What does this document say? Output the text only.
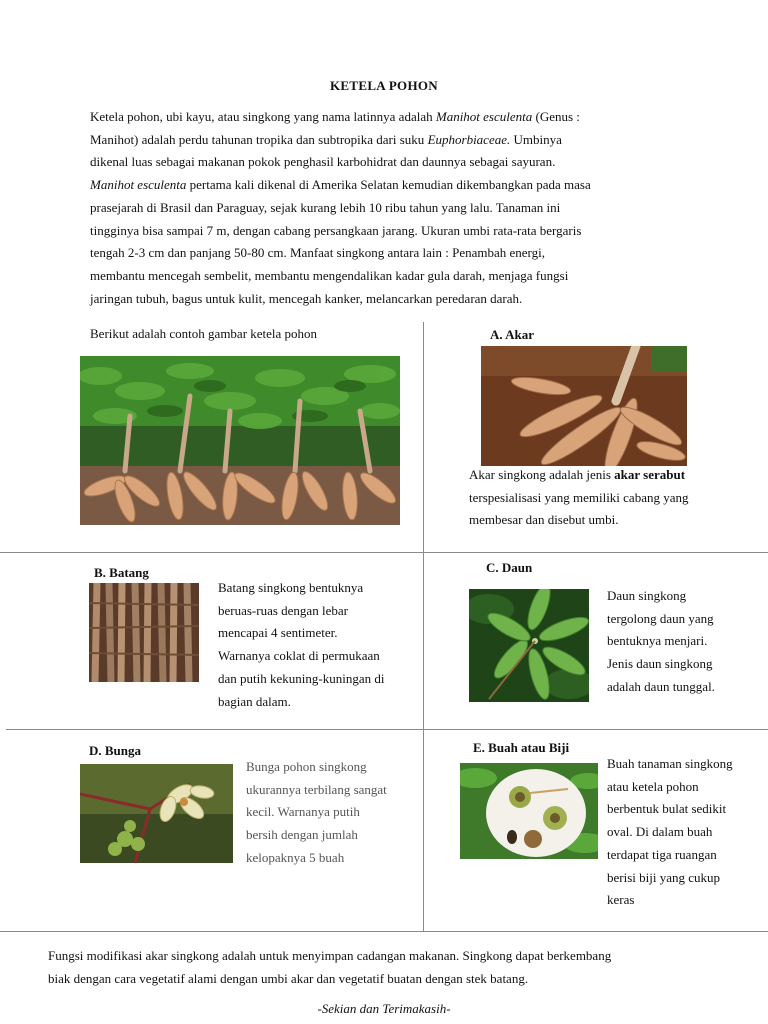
KETELA POHON
Ketela pohon, ubi kayu, atau singkong yang nama latinnya adalah Manihot esculenta (Genus :
Manihot) adalah perdu tahunan tropika dan subtropika dari suku Euphorbiaceae. Umbinya
dikenal luas sebagai makanan pokok penghasil karbohidrat dan daunnya sebagai sayuran.
Manihot esculenta pertama kali dikenal di Amerika Selatan kemudian dikembangkan pada masa
prasejarah di Brasil dan Paraguay, sejak kurang lebih 10 ribu tahun yang lalu. Tanaman ini
tingginya bisa sampai 7 m, dengan cabang persangkaan jarang. Ukuran umbi rata-rata bergaris
tengah 2-3 cm dan panjang 50-80 cm. Manfaat singkong antara lain : Penambah energi,
membantu mencegah sembelit, membantu mengendalikan kadar gula darah, menjaga fungsi
jaringan tubuh, bagus untuk kulit, mencegah kanker, melancarkan peredaran darah.
Berikut adalah contoh gambar ketela pohon	A. Akar
Akar singkong adalah jenis akar serabut
terspesialisasi yang memiliki cabang yang
membesar dan disebut umbi.
B. Batang
Batang singkong bentuknya
beruas-ruas dengan lebar
mencapai 4 sentimeter.
Warnanya coklat di permukaan
dan putih kekuning-kuningan di
bagian dalam.
C. Daun
Daun singkong
tergolong daun yang
bentuknya menjari.
Jenis daun singkong
adalah daun tunggal.
D. Bunga
Bunga pohon singkong
ukurannya terbilang sangat
kecil. Warnanya putih
bersih dengan jumlah
kelopaknya 5 buah
E. Buah atau Biji
Buah tanaman singkong
atau ketela pohon
berbentuk bulat sedikit
oval. Di dalam buah
terdapat tiga ruangan
berisi biji yang cukup
keras
Fungsi modifikasi akar singkong adalah untuk menyimpan cadangan makanan. Singkong dapat berkembang
biak dengan cara vegetatif alami dengan umbi akar dan vegetatif buatan dengan stek batang.
-Sekian dan Terimakasih-
